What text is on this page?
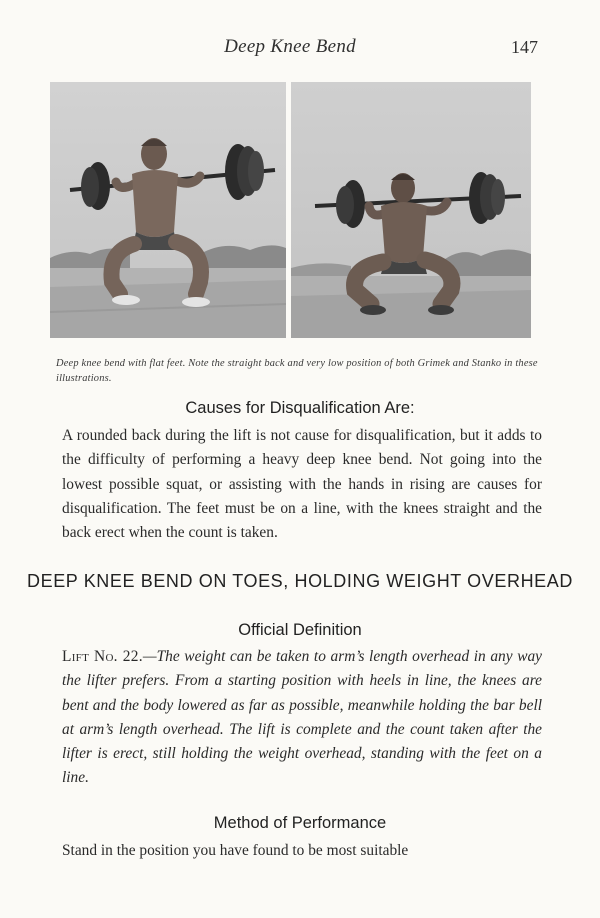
Deep Knee Bend	147
Deep knee bend with flat feet. Note the straight back and very low position of both Grimek and Stanko in these illustrations.
Causes for Disqualification Are:
A rounded back during the lift is not cause for disqualification, but it adds to the difficulty of performing a heavy deep knee bend. Not going into the lowest possible squat, or assisting with the hands in rising are causes for disqualification. The feet must be on a line, with the knees straight and the back erect when the count is taken.
DEEP KNEE BEND ON TOES, HOLDING WEIGHT OVERHEAD
Official Definition
Lift No. 22.—The weight can be taken to arm’s length overhead in any way the lifter prefers. From a starting position with heels in line, the knees are bent and the body lowered as far as possible, meanwhile holding the bar bell at arm’s length overhead. The lift is complete and the count taken after the lifter is erect, still holding the weight overhead, standing with the feet on a line.
Method of Performance
Stand in the position you have found to be most suitable
